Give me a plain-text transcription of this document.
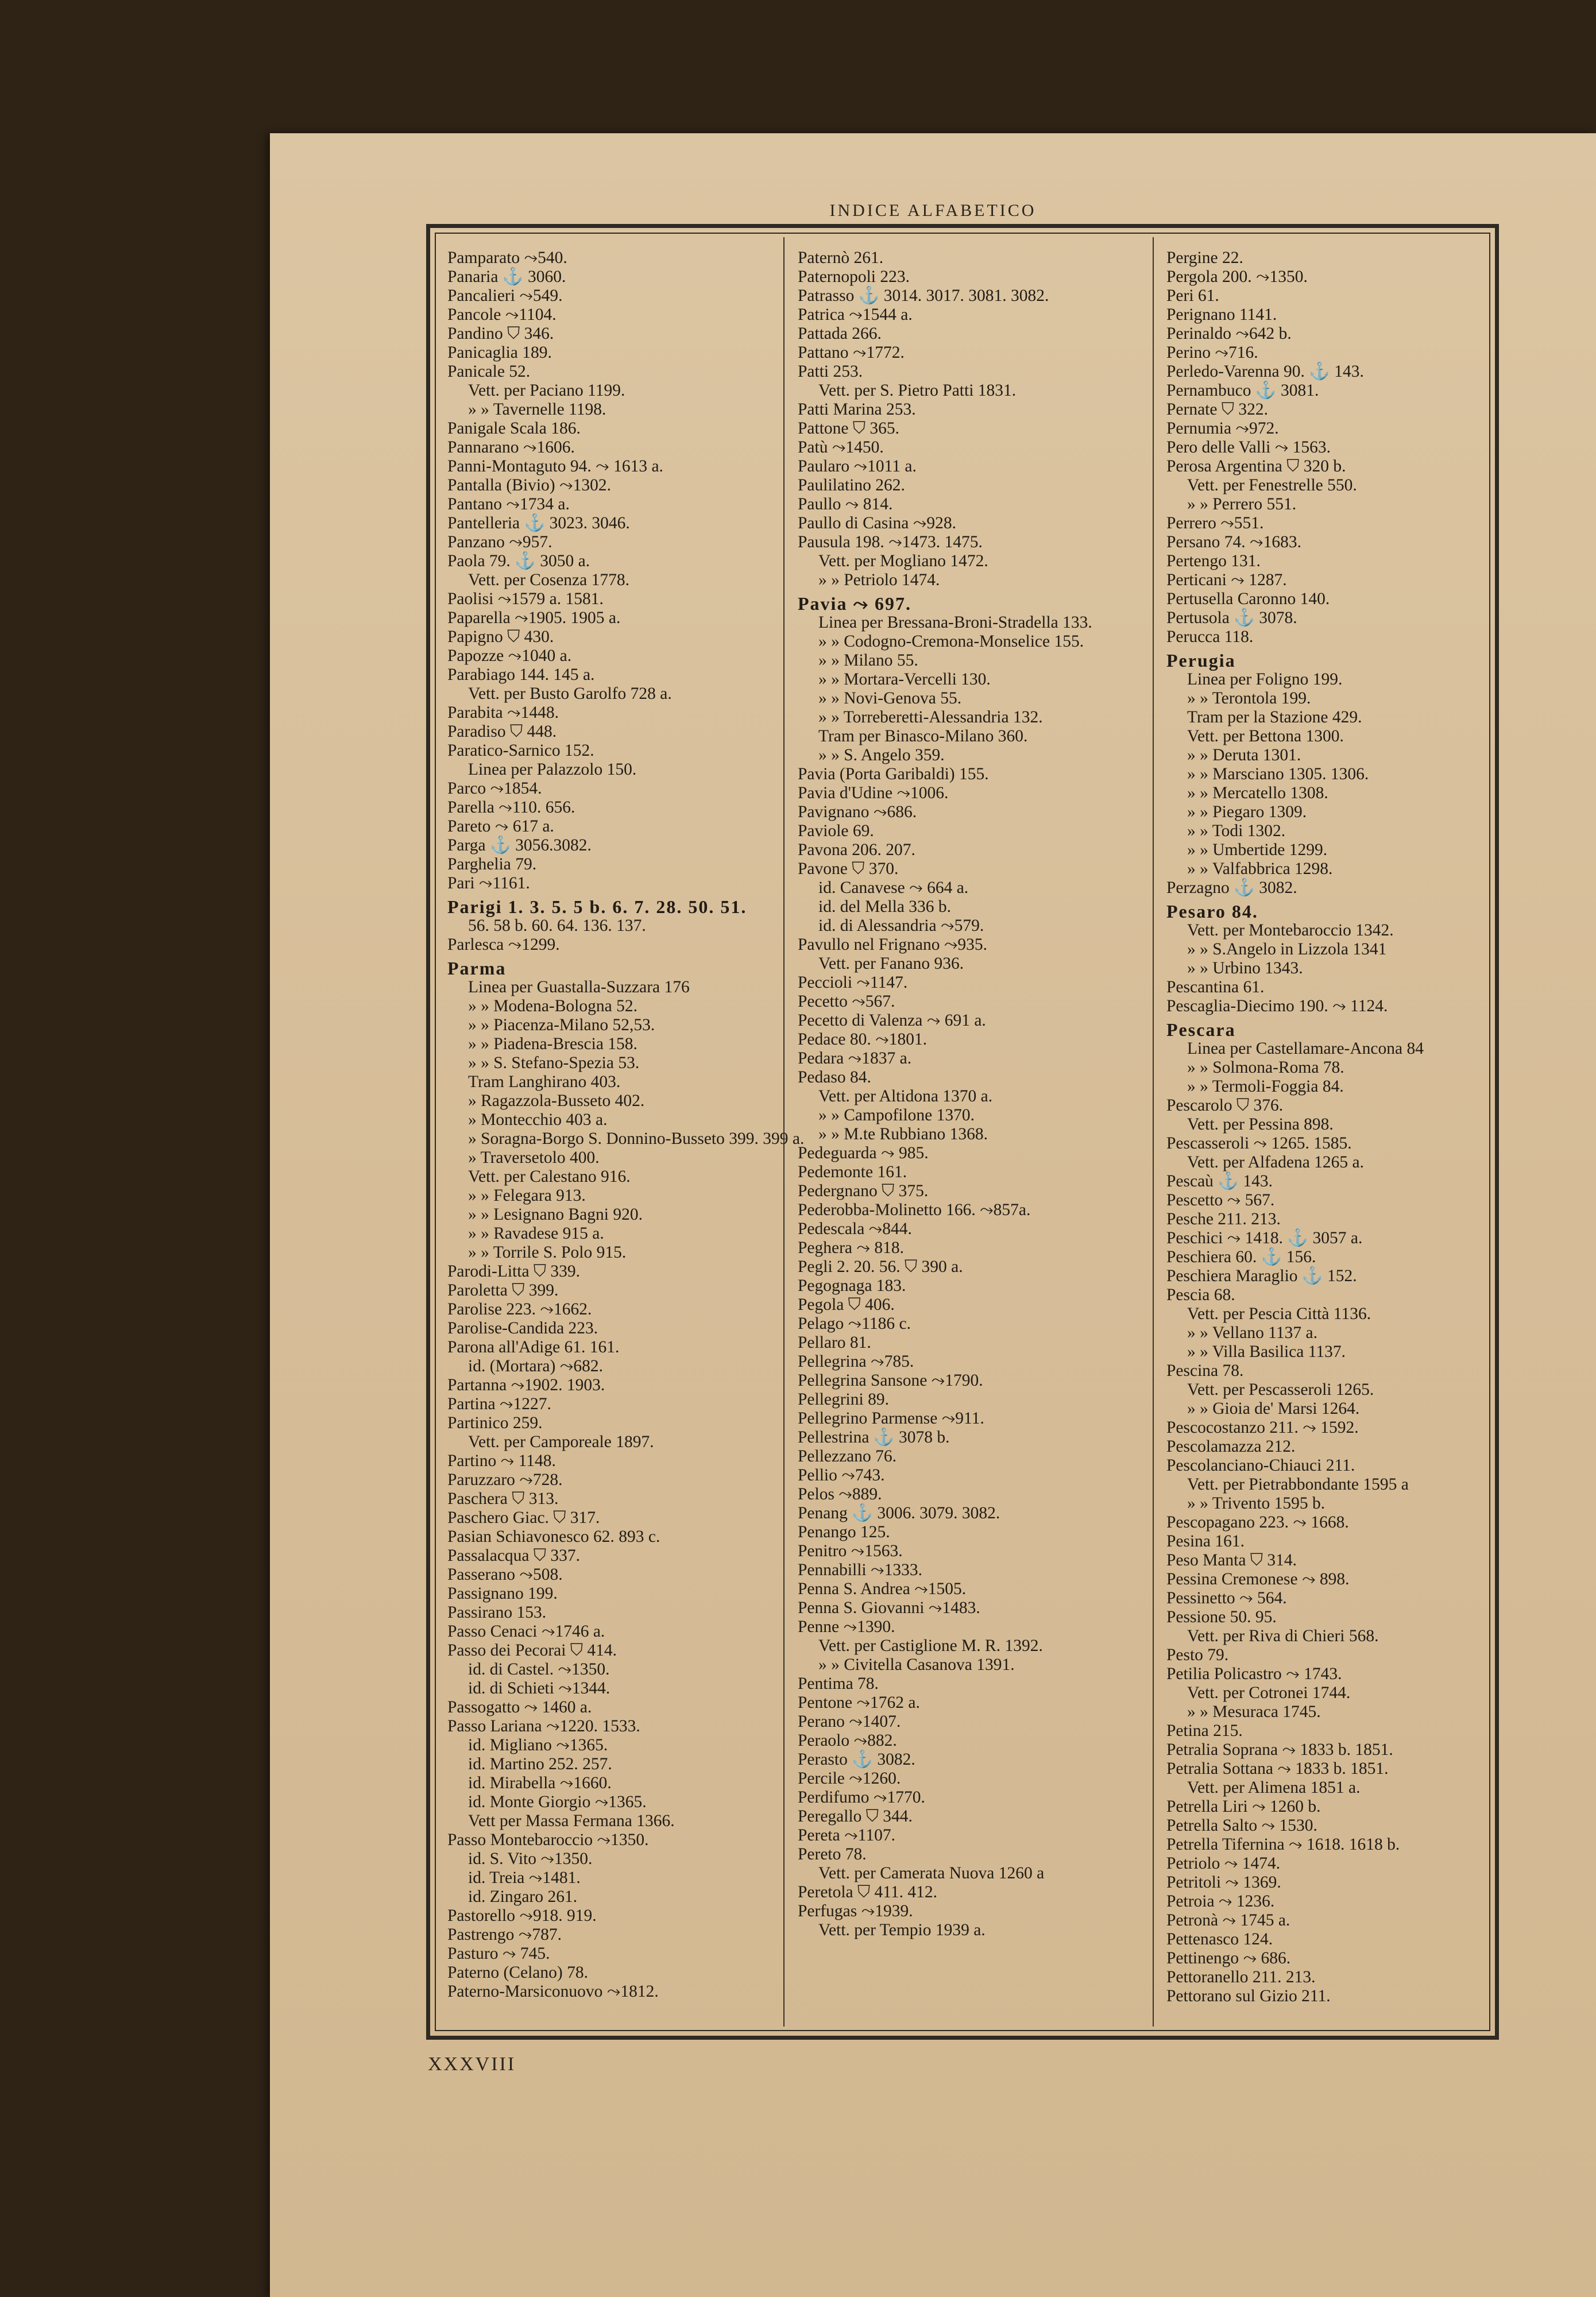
INDICE ALFABETICO
Pamparato ⤳540.
Panaria ⚓ 3060.
Pancalieri ⤳549.
Pancole ⤳1104.
Pandino ⛉ 346.
Panicaglia 189.
Panicale 52.
Vett. per Paciano 1199.
» » Tavernelle 1198.
Panigale Scala 186.
Pannarano ⤳1606.
Panni-Montaguto 94. ⤳ 1613 a.
Pantalla (Bivio) ⤳1302.
Pantano ⤳1734 a.
Pantelleria ⚓ 3023. 3046.
Panzano ⤳957.
Paola 79. ⚓ 3050 a.
Vett. per Cosenza 1778.
Paolisi ⤳1579 a. 1581.
Paparella ⤳1905. 1905 a.
Papigno ⛉ 430.
Papozze ⤳1040 a.
Parabiago 144. 145 a.
Vett. per Busto Garolfo 728 a.
Parabita ⤳1448.
Paradiso ⛉ 448.
Paratico-Sarnico 152.
Linea per Palazzolo 150.
Parco ⤳1854.
Parella ⤳110. 656.
Pareto ⤳ 617 a.
Parga ⚓ 3056.3082.
Parghelia 79.
Pari ⤳1161.
Parigi 1. 3. 5. 5 b. 6. 7. 28. 50. 51.
56. 58 b. 60. 64. 136. 137.
Parlesca ⤳1299.
Parma
Linea per Guastalla-Suzzara 176
» » Modena-Bologna 52.
» » Piacenza-Milano 52,53.
» » Piadena-Brescia 158.
» » S. Stefano-Spezia 53.
Tram Langhirano 403.
» Ragazzola-Busseto 402.
» Montecchio 403 a.
» Soragna-Borgo S. Donnino-Busseto 399. 399 a.
» Traversetolo 400.
Vett. per Calestano 916.
» » Felegara 913.
» » Lesignano Bagni 920.
» » Ravadese 915 a.
» » Torrile S. Polo 915.
Parodi-Litta ⛉ 339.
Paroletta ⛉ 399.
Parolise 223. ⤳1662.
Parolise-Candida 223.
Parona all'Adige 61. 161.
id. (Mortara) ⤳682.
Partanna ⤳1902. 1903.
Partina ⤳1227.
Partinico 259.
Vett. per Camporeale 1897.
Partino ⤳ 1148.
Paruzzaro ⤳728.
Paschera ⛉ 313.
Paschero Giac. ⛉ 317.
Pasian Schiavonesco 62. 893 c.
Passalacqua ⛉ 337.
Passerano ⤳508.
Passignano 199.
Passirano 153.
Passo Cenaci ⤳1746 a.
Passo dei Pecorai ⛉ 414.
id. di Castel. ⤳1350.
id. di Schieti ⤳1344.
Passogatto ⤳ 1460 a.
Passo Lariana ⤳1220. 1533.
id. Migliano ⤳1365.
id. Martino 252. 257.
id. Mirabella ⤳1660.
id. Monte Giorgio ⤳1365.
Vett per Massa Fermana 1366.
Passo Montebaroccio ⤳1350.
id. S. Vito ⤳1350.
id. Treia ⤳1481.
id. Zingaro 261.
Pastorello ⤳918. 919.
Pastrengo ⤳787.
Pasturo ⤳ 745.
Paterno (Celano) 78.
Paterno-Marsiconuovo ⤳1812.
Paternò 261.
Paternopoli 223.
Patrasso ⚓ 3014. 3017. 3081. 3082.
Patrica ⤳1544 a.
Pattada 266.
Pattano ⤳1772.
Patti 253.
Vett. per S. Pietro Patti 1831.
Patti Marina 253.
Pattone ⛉ 365.
Patù ⤳1450.
Paularo ⤳1011 a.
Paulilatino 262.
Paullo ⤳ 814.
Paullo di Casina ⤳928.
Pausula 198. ⤳1473. 1475.
Vett. per Mogliano 1472.
» » Petriolo 1474.
Pavia ⤳ 697.
Linea per Bressana-Broni-Stradella 133.
» » Codogno-Cremona-Monselice 155.
» » Milano 55.
» » Mortara-Vercelli 130.
» » Novi-Genova 55.
» » Torreberetti-Alessandria 132.
Tram per Binasco-Milano 360.
» » S. Angelo 359.
Pavia (Porta Garibaldi) 155.
Pavia d'Udine ⤳1006.
Pavignano ⤳686.
Paviole 69.
Pavona 206. 207.
Pavone ⛉ 370.
id. Canavese ⤳ 664 a.
id. del Mella 336 b.
id. di Alessandria ⤳579.
Pavullo nel Frignano ⤳935.
Vett. per Fanano 936.
Peccioli ⤳1147.
Pecetto ⤳567.
Pecetto di Valenza ⤳ 691 a.
Pedace 80. ⤳1801.
Pedara ⤳1837 a.
Pedaso 84.
Vett. per Altidona 1370 a.
» » Campofilone 1370.
» » M.te Rubbiano 1368.
Pedeguarda ⤳ 985.
Pedemonte 161.
Pedergnano ⛉ 375.
Pederobba-Molinetto 166. ⤳857a.
Pedescala ⤳844.
Peghera ⤳ 818.
Pegli 2. 20. 56. ⛉ 390 a.
Pegognaga 183.
Pegola ⛉ 406.
Pelago ⤳1186 c.
Pellaro 81.
Pellegrina ⤳785.
Pellegrina Sansone ⤳1790.
Pellegrini 89.
Pellegrino Parmense ⤳911.
Pellestrina ⚓ 3078 b.
Pellezzano 76.
Pellio ⤳743.
Pelos ⤳889.
Penang ⚓ 3006. 3079. 3082.
Penango 125.
Penitro ⤳1563.
Pennabilli ⤳1333.
Penna S. Andrea ⤳1505.
Penna S. Giovanni ⤳1483.
Penne ⤳1390.
Vett. per Castiglione M. R. 1392.
» » Civitella Casanova 1391.
Pentima 78.
Pentone ⤳1762 a.
Perano ⤳1407.
Peraolo ⤳882.
Perasto ⚓ 3082.
Percile ⤳1260.
Perdifumo ⤳1770.
Peregallo ⛉ 344.
Pereta ⤳1107.
Pereto 78.
Vett. per Camerata Nuova 1260 a
Peretola ⛉ 411. 412.
Perfugas ⤳1939.
Vett. per Tempio 1939 a.
Pergine 22.
Pergola 200. ⤳1350.
Peri 61.
Perignano 1141.
Perinaldo ⤳642 b.
Perino ⤳716.
Perledo-Varenna 90. ⚓ 143.
Pernambuco ⚓ 3081.
Pernate ⛉ 322.
Pernumia ⤳972.
Pero delle Valli ⤳ 1563.
Perosa Argentina ⛉ 320 b.
Vett. per Fenestrelle 550.
» » Perrero 551.
Perrero ⤳551.
Persano 74. ⤳1683.
Pertengo 131.
Perticani ⤳ 1287.
Pertusella Caronno 140.
Pertusola ⚓ 3078.
Perucca 118.
Perugia
Linea per Foligno 199.
» » Terontola 199.
Tram per la Stazione 429.
Vett. per Bettona 1300.
» » Deruta 1301.
» » Marsciano 1305. 1306.
» » Mercatello 1308.
» » Piegaro 1309.
» » Todi 1302.
» » Umbertide 1299.
» » Valfabbrica 1298.
Perzagno ⚓ 3082.
Pesaro 84.
Vett. per Montebaroccio 1342.
» » S.Angelo in Lizzola 1341
» » Urbino 1343.
Pescantina 61.
Pescaglia-Diecimo 190. ⤳ 1124.
Pescara
Linea per Castellamare-Ancona 84
» » Solmona-Roma 78.
» » Termoli-Foggia 84.
Pescarolo ⛉ 376.
Vett. per Pessina 898.
Pescasseroli ⤳ 1265. 1585.
Vett. per Alfadena 1265 a.
Pescaù ⚓ 143.
Pescetto ⤳ 567.
Pesche 211. 213.
Peschici ⤳ 1418. ⚓ 3057 a.
Peschiera 60. ⚓ 156.
Peschiera Maraglio ⚓ 152.
Pescia 68.
Vett. per Pescia Città 1136.
» » Vellano 1137 a.
» » Villa Basilica 1137.
Pescina 78.
Vett. per Pescasseroli 1265.
» » Gioia de' Marsi 1264.
Pescocostanzo 211. ⤳ 1592.
Pescolamazza 212.
Pescolanciano-Chiauci 211.
Vett. per Pietrabbondante 1595 a
» » Trivento 1595 b.
Pescopagano 223. ⤳ 1668.
Pesina 161.
Peso Manta ⛉ 314.
Pessina Cremonese ⤳ 898.
Pessinetto ⤳ 564.
Pessione 50. 95.
Vett. per Riva di Chieri 568.
Pesto 79.
Petilia Policastro ⤳ 1743.
Vett. per Cotronei 1744.
» » Mesuraca 1745.
Petina 215.
Petralia Soprana ⤳ 1833 b. 1851.
Petralia Sottana ⤳ 1833 b. 1851.
Vett. per Alimena 1851 a.
Petrella Liri ⤳ 1260 b.
Petrella Salto ⤳ 1530.
Petrella Tifernina ⤳ 1618. 1618 b.
Petriolo ⤳ 1474.
Petritoli ⤳ 1369.
Petroia ⤳ 1236.
Petronà ⤳ 1745 a.
Pettenasco 124.
Pettinengo ⤳ 686.
Pettoranello 211. 213.
Pettorano sul Gizio 211.
XXXVIII
